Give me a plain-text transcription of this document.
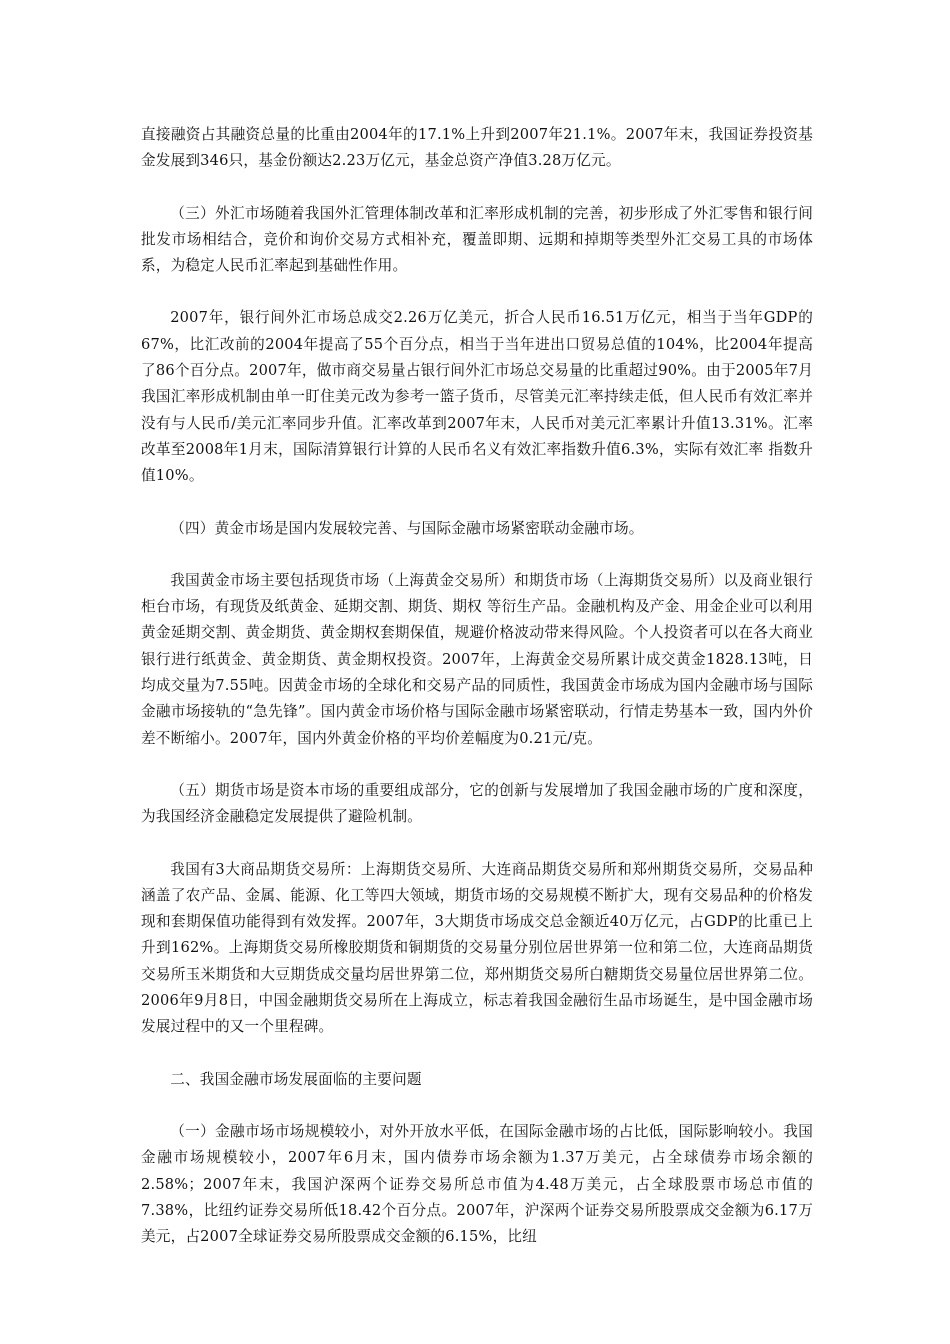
直接融资占其融资总量的比重由2004年的17.1%上升到2007年21.1%。2007年末，我国证券投资基金发展到346只，基金份额达2.23万亿元，基金总资产净值3.28万亿元。

（三）外汇市场随着我国外汇管理体制改革和汇率形成机制的完善，初步形成了外汇零售和银行间批发市场相结合，竞价和询价交易方式相补充，覆盖即期、远期和掉期等类型外汇交易工具的市场体系，为稳定人民币汇率起到基础性作用。

2007年，银行间外汇市场总成交2.26万亿美元，折合人民币16.51万亿元，相当于当年GDP的67%，比汇改前的2004年提高了55个百分点，相当于当年进出口贸易总值的104%，比2004年提高了86个百分点。2007年，做市商交易量占银行间外汇市场总交易量的比重超过90%。由于2005年7月我国汇率形成机制由单一盯住美元改为参考一篮子货币，尽管美元汇率持续走低，但人民币有效汇率并没有与人民币/美元汇率同步升值。汇率改革到2007年末，人民币对美元汇率累计升值13.31%。汇率改革至2008年1月末，国际清算银行计算的人民币名义有效汇率指数升值6.3%，实际有效汇率 指数升值10%。

（四）黄金市场是国内发展较完善、与国际金融市场紧密联动金融市场。

我国黄金市场主要包括现货市场（上海黄金交易所）和期货市场（上海期货交易所）以及商业银行柜台市场，有现货及纸黄金、延期交割、期货、期权 等衍生产品。金融机构及产金、用金企业可以利用黄金延期交割、黄金期货、黄金期权套期保值，规避价格波动带来得风险。个人投资者可以在各大商业银行进行纸黄金、黄金期货、黄金期权投资。2007年，上海黄金交易所累计成交黄金1828.13吨，日均成交量为7.55吨。因黄金市场的全球化和交易产品的同质性，我国黄金市场成为国内金融市场与国际金融市场接轨的“急先锋”。国内黄金市场价格与国际金融市场紧密联动，行情走势基本一致，国内外价差不断缩小。2007年，国内外黄金价格的平均价差幅度为0.21元/克。

（五）期货市场是资本市场的重要组成部分，它的创新与发展增加了我国金融市场的广度和深度，为我国经济金融稳定发展提供了避险机制。

我国有3大商品期货交易所：上海期货交易所、大连商品期货交易所和郑州期货交易所，交易品种涵盖了农产品、金属、能源、化工等四大领域，期货市场的交易规模不断扩大，现有交易品种的价格发现和套期保值功能得到有效发挥。2007年，3大期货市场成交总金额近40万亿元，占GDP的比重已上升到162%。上海期货交易所橡胶期货和铜期货的交易量分别位居世界第一位和第二位，大连商品期货交易所玉米期货和大豆期货成交量均居世界第二位，郑州期货交易所白糖期货交易量位居世界第二位。2006年9月8日，中国金融期货交易所在上海成立，标志着我国金融衍生品市场诞生，是中国金融市场发展过程中的又一个里程碑。

二、我国金融市场发展面临的主要问题

（一）金融市场市场规模较小，对外开放水平低，在国际金融市场的占比低，国际影响较小。我国金融市场规模较小，2007年6月末，国内债券市场余额为1.37万美元，占全球债券市场余额的2.58%；2007年末，我国沪深两个证券交易所总市值为4.48万美元，占全球股票市场总市值的7.38%，比纽约证券交易所低18.42个百分点。2007年，沪深两个证券交易所股票成交金额为6.17万美元，占2007全球证券交易所股票成交金额的6.15%，比纽
